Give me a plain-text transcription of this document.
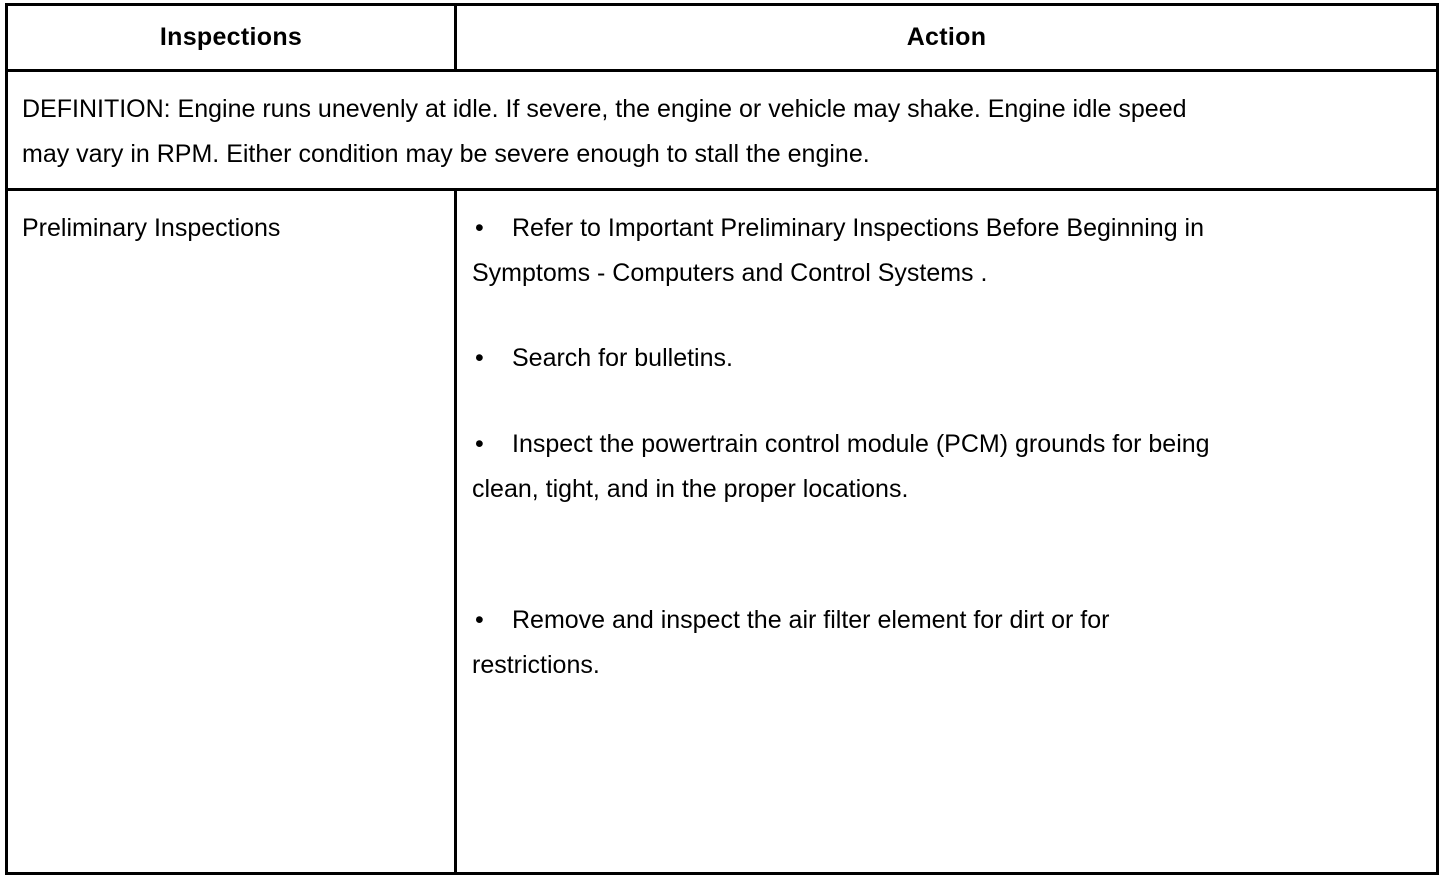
Inspections	Action
DEFINITION: Engine runs unevenly at idle. If severe, the engine or vehicle may shake. Engine idle speed
may vary in RPM. Either condition may be severe enough to stall the engine.
Preliminary Inspections	• Refer to Important Preliminary Inspections Before Beginning in
Symptoms - Computers and Control Systems .
• Search for bulletins.
• Inspect the powertrain control module (PCM) grounds for being
clean, tight, and in the proper locations.
• Remove and inspect the air filter element for dirt or for
restrictions.
